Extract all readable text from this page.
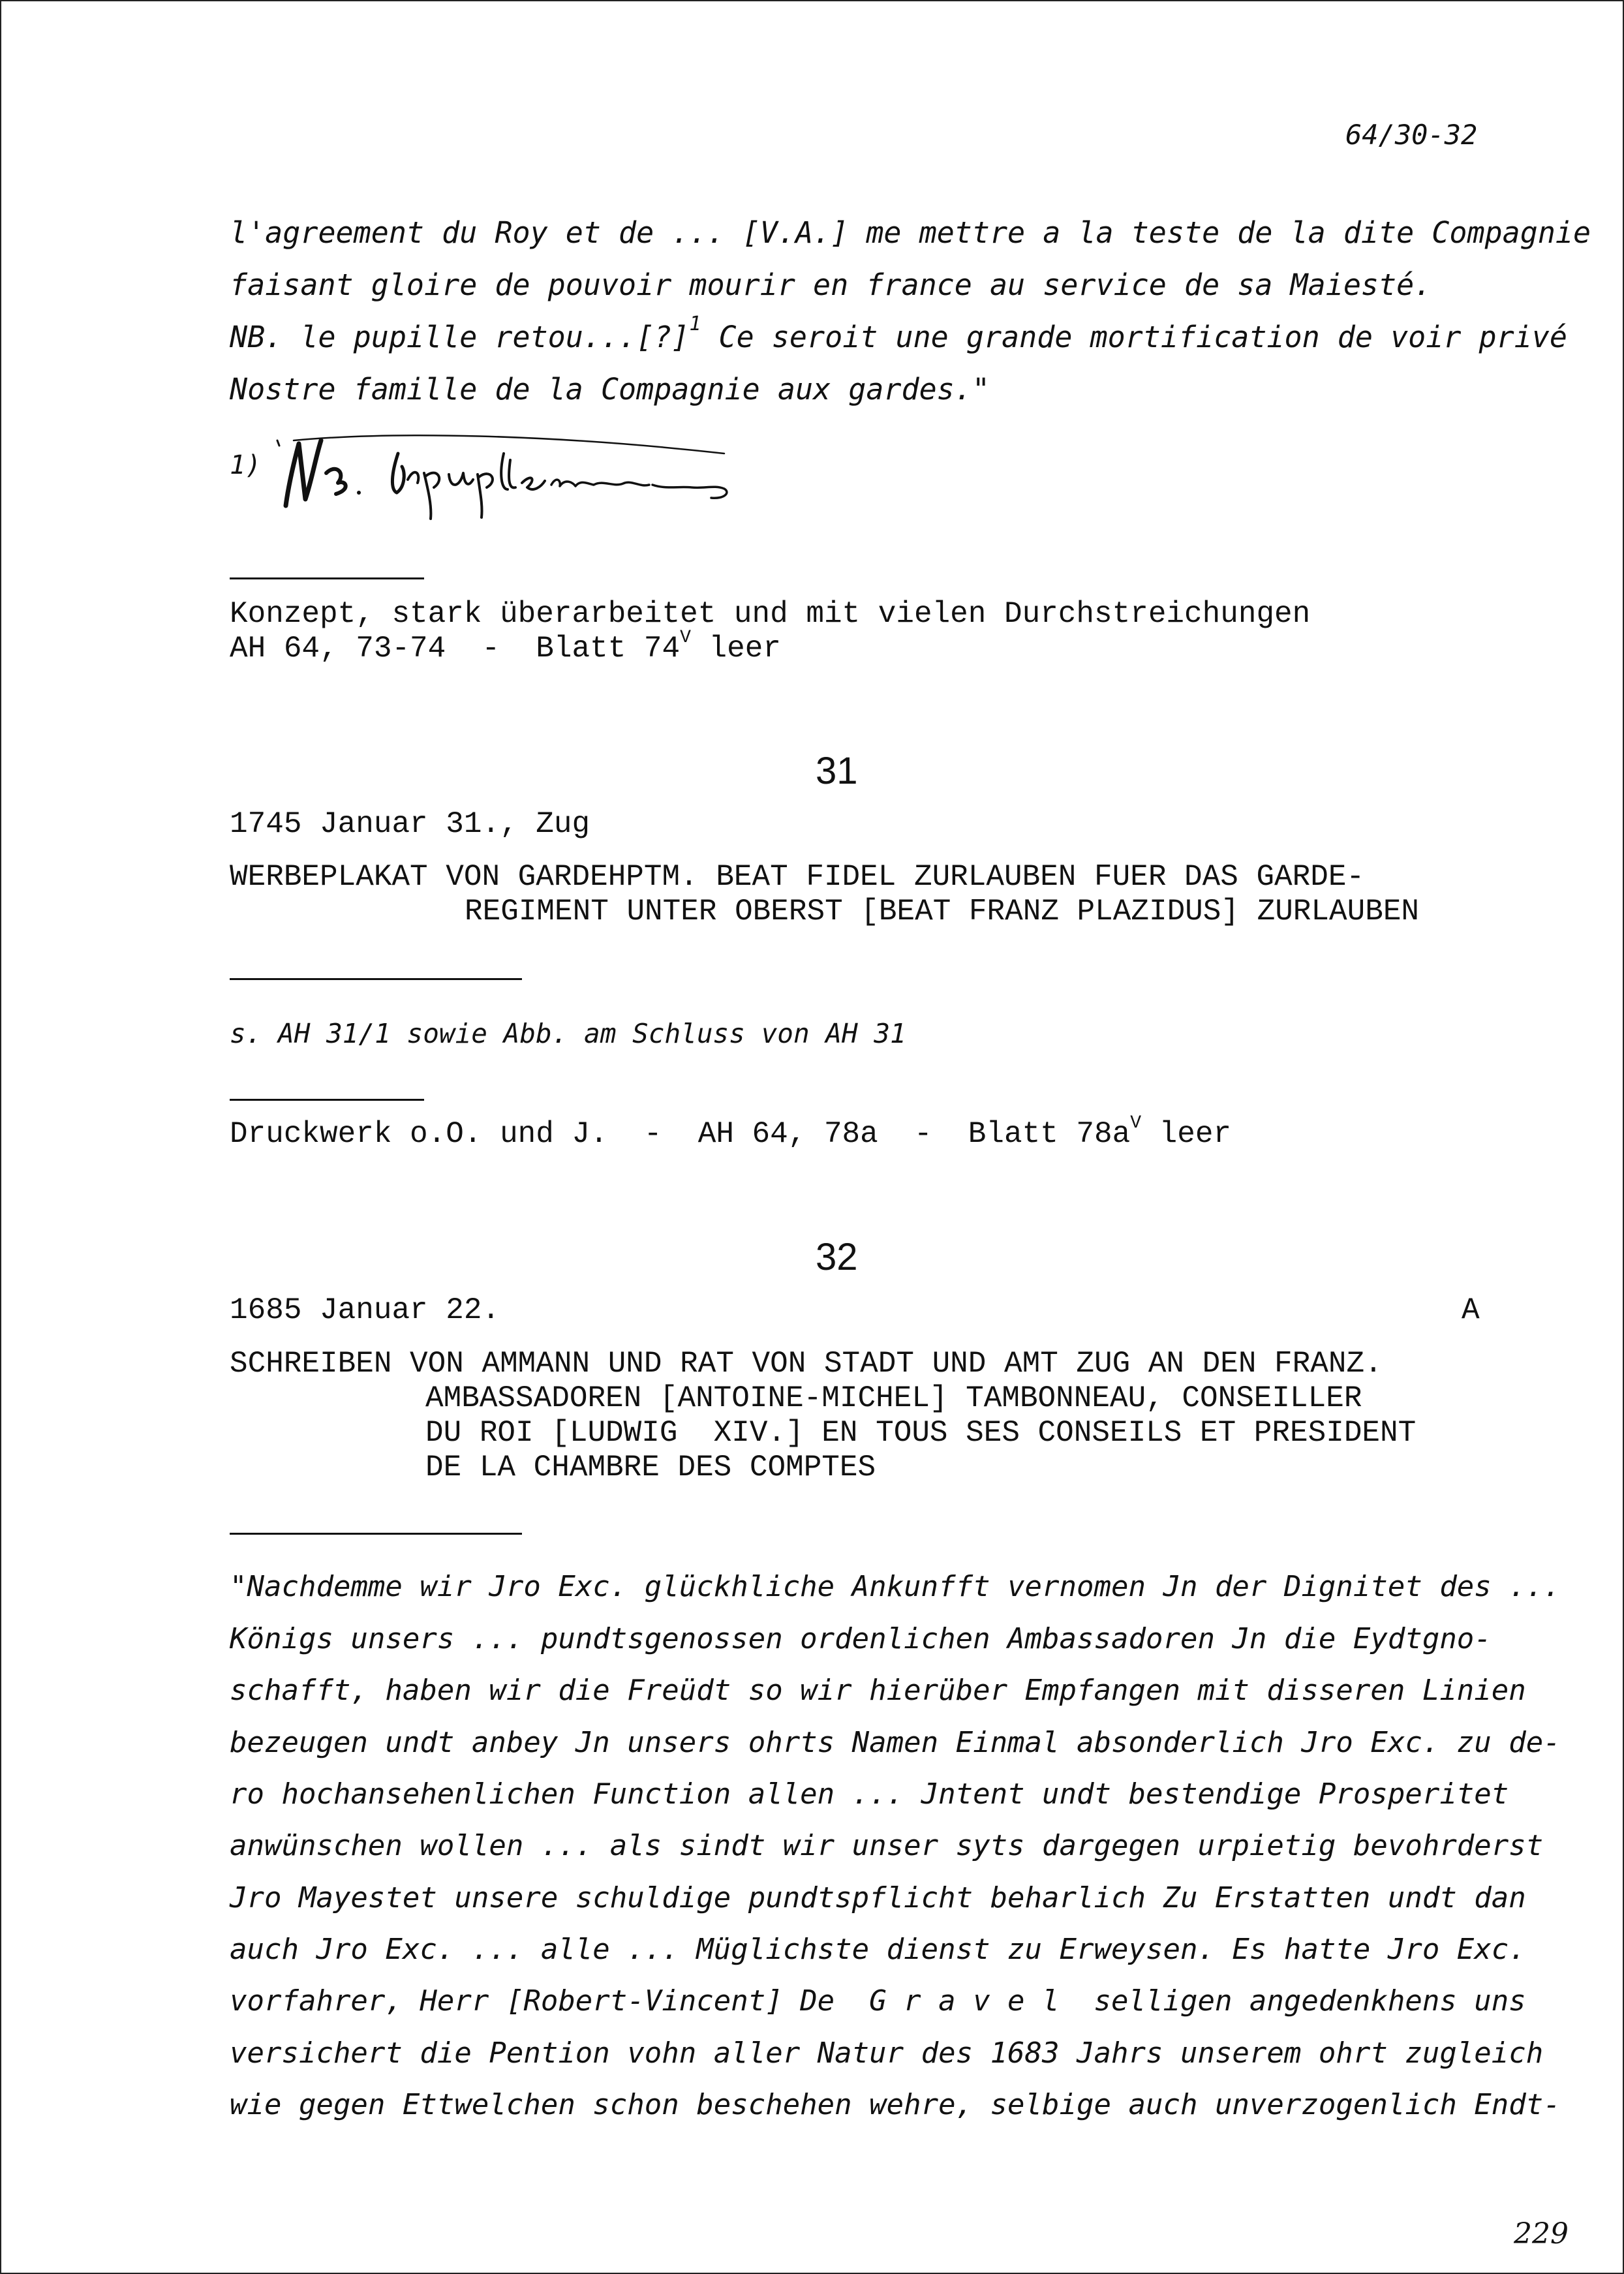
64/30-32
l'agreement du Roy et de ... [V.A.] me mettre a la teste de la dite Compagnie
faisant gloire de pouvoir mourir en france au service de sa Maiesté.
NB. le pupille retou...[?]$^1$ Ce seroit une grande mortification de voir privé
Nostre famille de la Compagnie aux gardes."
1)
Konzept, stark überarbeitet und mit vielen Durchstreichungen
AH 64, 73-74  -  Blatt $74^V$ leer
31
1745 Januar 31., Zug
WERBEPLAKAT VON GARDEHPTM. BEAT FIDEL ZURLAUBEN FUER DAS GARDE-
REGIMENT UNTER OBERST [BEAT FRANZ PLAZIDUS] ZURLAUBEN
s. AH 31/1 sowie Abb. am Schluss von AH 31
Druckwerk o.O. und J.  -  AH 64, 78a  -  Blatt $78a^V$ leer
32
1685 Januar 22.	A
SCHREIBEN VON AMMANN UND RAT VON STADT UND AMT ZUG AN DEN FRANZ.
AMBASSADOREN [ANTOINE-MICHEL] TAMBONNEAU, CONSEILLER
DU ROI [LUDWIG  XIV.] EN TOUS SES CONSEILS ET PRESIDENT
DE LA CHAMBRE DES COMPTES
"Nachdemme wir Jro Exc. glückhliche Ankunfft vernomen Jn der Dignitet des ...
Königs unsers ... pundtsgenossen ordenlichen Ambassadoren Jn die Eydtgno-
schafft, haben wir die Freüdt so wir hierüber Empfangen mit disseren Linien
bezeugen undt anbey Jn unsers ohrts Namen Einmal absonderlich Jro Exc. zu de-
ro hochansehenlichen Function allen ... Jntent undt bestendige Prosperitet
anwünschen wollen ... als sindt wir unser syts dargegen urpietig bevohrderst
Jro Mayestet unsere schuldige pundtspflicht beharlich Zu Erstatten undt dan
auch Jro Exc. ... alle ... Müglichste dienst zu Erweysen. Es hatte Jro Exc.
vorfahrer, Herr [Robert-Vincent] De  G r a v e l  selligen angedenkhens uns
versichert die Pention vohn aller Natur des 1683 Jahrs unserem ohrt zugleich
wie gegen Ettwelchen schon beschehen wehre, selbige auch unverzogenlich Endt-
229
